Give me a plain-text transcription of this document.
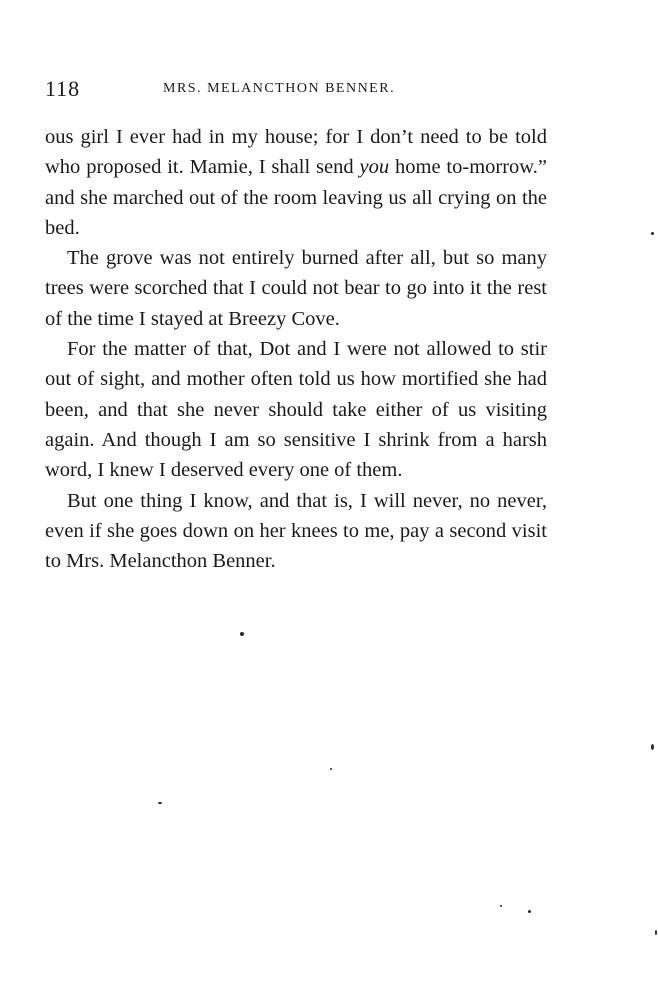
118	MRS. MELANCTHON BENNER.

ous girl I ever had in my house; for I don’t need to be told who proposed it. Mamie, I shall send you home to-morrow.” and she marched out of the room leaving us all crying on the bed.

The grove was not entirely burned after all, but so many trees were scorched that I could not bear to go into it the rest of the time I stayed at Breezy Cove.

For the matter of that, Dot and I were not allowed to stir out of sight, and mother often told us how mortified she had been, and that she never should take either of us visiting again. And though I am so sensitive I shrink from a harsh word, I knew I deserved every one of them.

But one thing I know, and that is, I will never, no never, even if she goes down on her knees to me, pay a second visit to Mrs. Melancthon Benner.
